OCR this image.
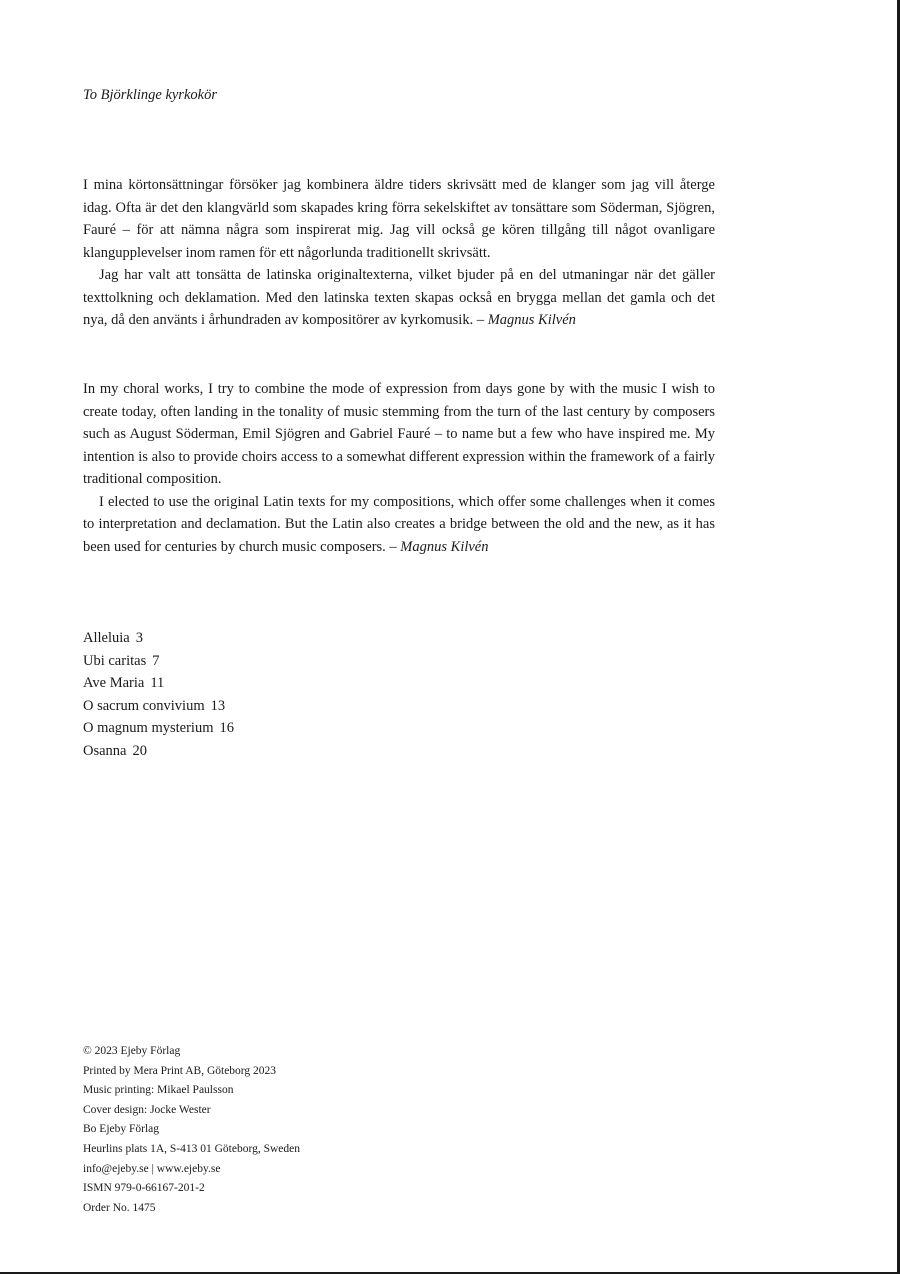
To Björklinge kyrkokör

I mina körtonsättningar försöker jag kombinera äldre tiders skrivsätt med de klanger som jag vill återge idag. Ofta är det den klangvärld som skapades kring förra sekelskiftet av tonsättare som Söderman, Sjögren, Fauré – för att nämna några som inspirerat mig. Jag vill också ge kören tillgång till något ovanligare klangupplevelser inom ramen för ett någorlunda traditionellt skrivsätt.

Jag har valt att tonsätta de latinska originaltexterna, vilket bjuder på en del utmaningar när det gäller texttolkning och deklamation. Med den latinska texten skapas också en brygga mellan det gamla och det nya, då den använts i århundraden av kompositörer av kyrkomusik. – Magnus Kilvén

In my choral works, I try to combine the mode of expression from days gone by with the music I wish to create today, often landing in the tonality of music stemming from the turn of the last century by composers such as August Söderman, Emil Sjögren and Gabriel Fauré – to name but a few who have inspired me. My intention is also to provide choirs access to a somewhat different expression within the framework of a fairly traditional composition.

I elected to use the original Latin texts for my compositions, which offer some challenges when it comes to interpretation and declamation. But the Latin also creates a bridge between the old and the new, as it has been used for centuries by church music composers. – Magnus Kilvén

Alleluia 3
Ubi caritas 7
Ave Maria 11
O sacrum convivium 13
O magnum mysterium 16
Osanna 20
© 2023 Ejeby Förlag
Printed by Mera Print AB, Göteborg 2023
Music printing: Mikael Paulsson
Cover design: Jocke Wester
Bo Ejeby Förlag
Heurlins plats 1A, S-413 01 Göteborg, Sweden
info@ejeby.se | www.ejeby.se
ISMN 979-0-66167-201-2
Order No. 1475
